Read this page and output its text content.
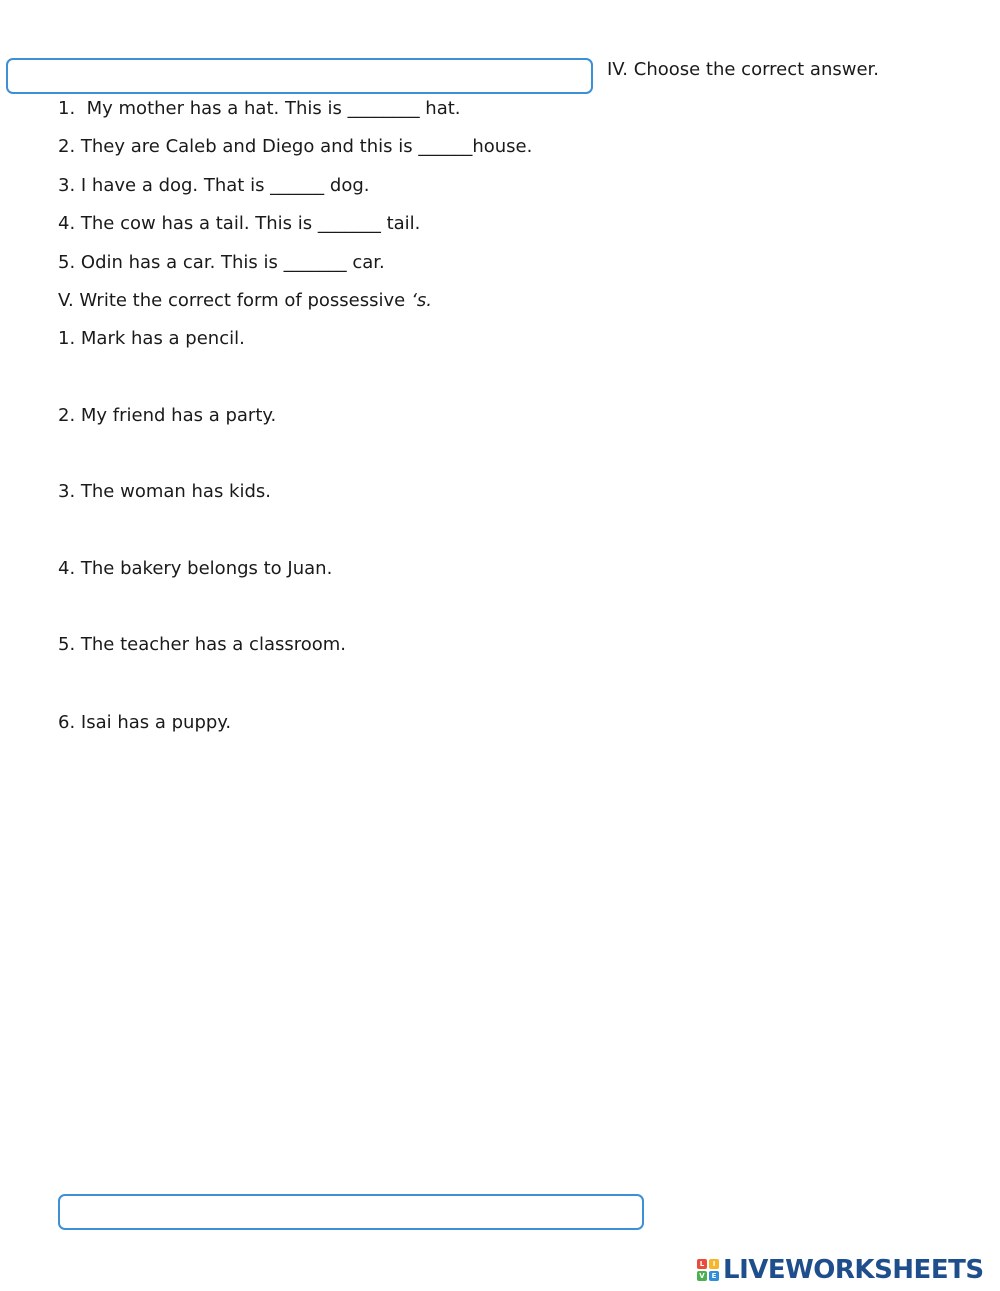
IV. Choose the correct answer.
1.  My mother has a hat. This is ________ hat.
2. They are Caleb and Diego and this is ______house.
3. I have a dog. That is ______ dog.
4. The cow has a tail. This is _______ tail.
5. Odin has a car. This is _______ car.
V. Write the correct form of possessive ‘s.
1. Mark has a pencil.
2. My friend has a party.
3. The woman has kids.
4. The bakery belongs to Juan.
5. The teacher has a classroom.
6. Isai has a puppy.
L	I
V E LIVEWORKSHEETS
